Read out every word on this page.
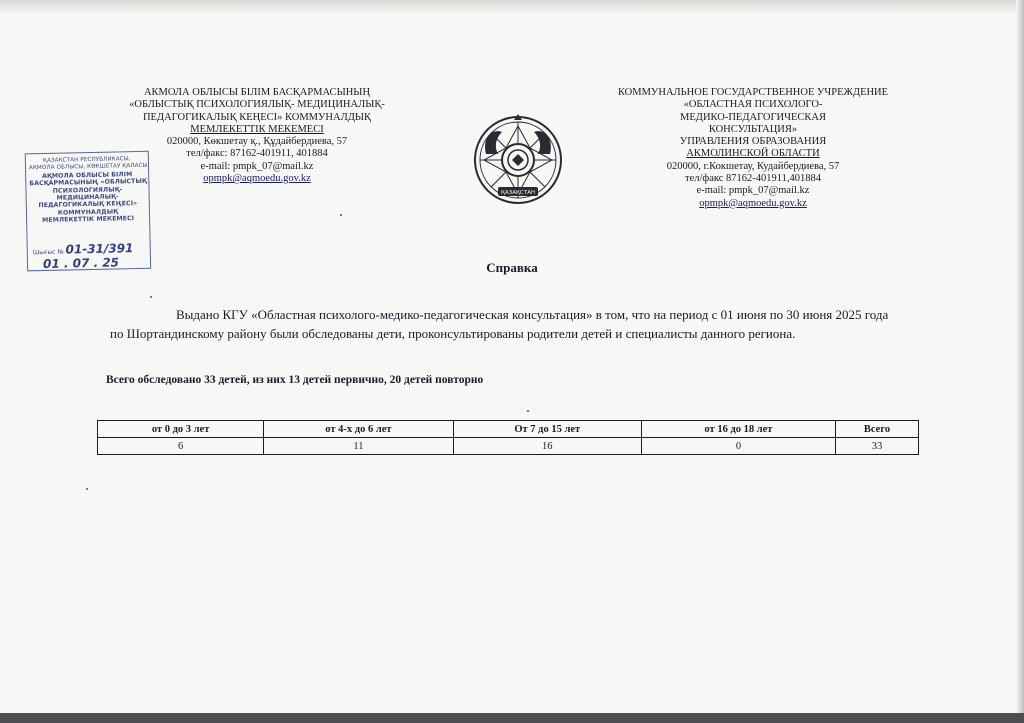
АКМОЛА ОБЛЫСЫ БІЛІМ БАСҚАРМАСЫНЫҢ
«ОБЛЫСТЫҚ ПСИХОЛОГИЯЛЫҚ- МЕДИЦИНАЛЫҚ-
ПЕДАГОГИКАЛЫҚ КЕҢЕСІ» КОММУНАЛДЫҚ
МЕМЛЕКЕТТІК МЕКЕМЕСІ
020000, Көкшетау қ., Құдайбердиева, 57
тел/факс: 87162-401911, 401884
e-mail: pmpk_07@mail.kz
opmpk@aqmoedu.gov.kz
ҚАЗАҚСТАН
КОММУНАЛЬНОЕ ГОСУДАРСТВЕННОЕ УЧРЕЖДЕНИЕ
«ОБЛАСТНАЯ ПСИХОЛОГО-
МЕДИКО-ПЕДАГОГИЧЕСКАЯ
КОНСУЛЬТАЦИЯ»
УПРАВЛЕНИЯ ОБРАЗОВАНИЯ
АКМОЛИНСКОЙ ОБЛАСТИ
020000, г.Кокшетау, Кудайбердиева, 57
тел/факс 87162-401911,401884
e-mail: pmpk_07@mail.kz
opmpk@aqmoedu.gov.kz
ҚАЗАҚСТАН РЕСПУБЛИКАСЫ,
АҚМОЛА ОБЛЫСЫ, КӨКШЕТАУ ҚАЛАСЫ
АҚМОЛА ОБЛЫСЫ БІЛІМ
БАСҚАРМАСЫНЫҢ «ОБЛЫСТЫҚ
ПСИХОЛОГИЯЛЫҚ-
МЕДИЦИНАЛЫҚ-
ПЕДАГОГИКАЛЫҚ КЕҢЕСІ»
КОММУНАЛДЫҚ
МЕМЛЕКЕТТІК МЕКЕМЕСІ
Шығыс № 01-31/391
01 . 07 . 25	Справка
Выдано КГУ «Областная психолого-медико-педагогическая консультация» в том, что на период с 01 июня по 30 июня 2025 года
по Шортандинскому району были обследованы дети, проконсультированы родители детей и специалисты данного региона.
Всего обследовано 33 детей, из них 13 детей первично, 20 детей повторно
от 0 до 3 лет	от 4-х до 6 лет	От 7 до 15 лет	от 16 до 18 лет	Всего
6	11	16	0	33
